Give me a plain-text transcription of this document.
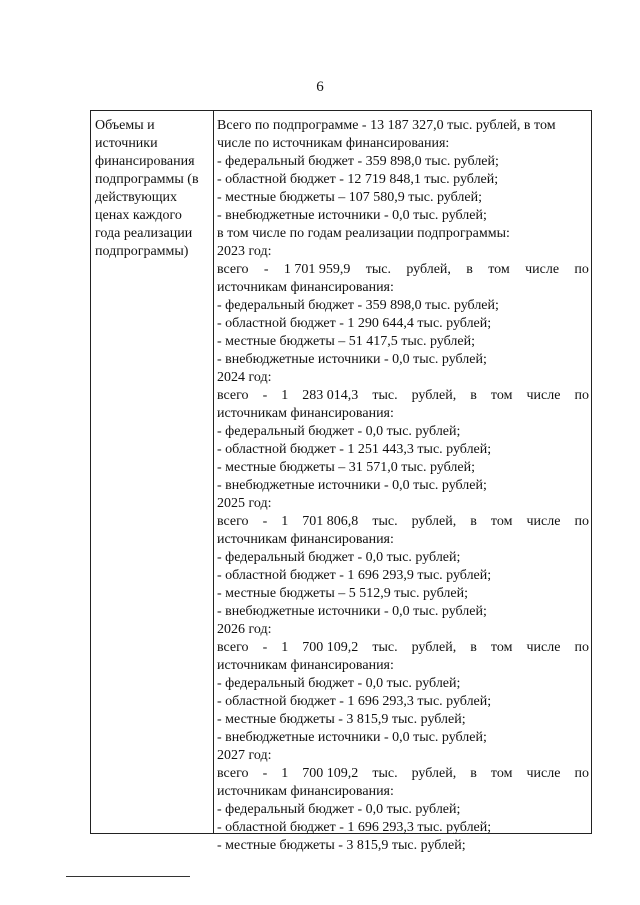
6
Объемы и
источники
финансирования
подпрограммы (в
действующих
ценах каждого
года реализации
подпрограммы)
Всего по подпрограмме - 13 187 327,0 тыс. рублей, в том
числе по источникам финансирования:
- федеральный бюджет - 359 898,0 тыс. рублей;
- областной бюджет - 12 719 848,1 тыс. рублей;
- местные бюджеты – 107 580,9 тыс. рублей;
- внебюджетные источники - 0,0 тыс. рублей;
в том числе по годам реализации подпрограммы:
2023 год:
всего - 1 701 959,9 тыс. рублей, в том числе по
источникам финансирования:
- федеральный бюджет - 359 898,0 тыс. рублей;
- областной бюджет - 1 290 644,4 тыс. рублей;
- местные бюджеты – 51 417,5 тыс. рублей;
- внебюджетные источники - 0,0 тыс. рублей;
2024 год:
всего - 1 283 014,3 тыс. рублей, в том числе по
источникам финансирования:
- федеральный бюджет - 0,0 тыс. рублей;
- областной бюджет - 1 251 443,3 тыс. рублей;
- местные бюджеты – 31 571,0 тыс. рублей;
- внебюджетные источники - 0,0 тыс. рублей;
2025 год:
всего - 1 701 806,8 тыс. рублей, в том числе по
источникам финансирования:
- федеральный бюджет - 0,0 тыс. рублей;
- областной бюджет - 1 696 293,9 тыс. рублей;
- местные бюджеты – 5 512,9 тыс. рублей;
- внебюджетные источники - 0,0 тыс. рублей;
2026 год:
всего - 1 700 109,2 тыс. рублей, в том числе по
источникам финансирования:
- федеральный бюджет - 0,0 тыс. рублей;
- областной бюджет - 1 696 293,3 тыс. рублей;
- местные бюджеты - 3 815,9 тыс. рублей;
- внебюджетные источники - 0,0 тыс. рублей;
2027 год:
всего - 1 700 109,2 тыс. рублей, в том числе по
источникам финансирования:
- федеральный бюджет - 0,0 тыс. рублей;
- областной бюджет - 1 696 293,3 тыс. рублей;
- местные бюджеты - 3 815,9 тыс. рублей;
